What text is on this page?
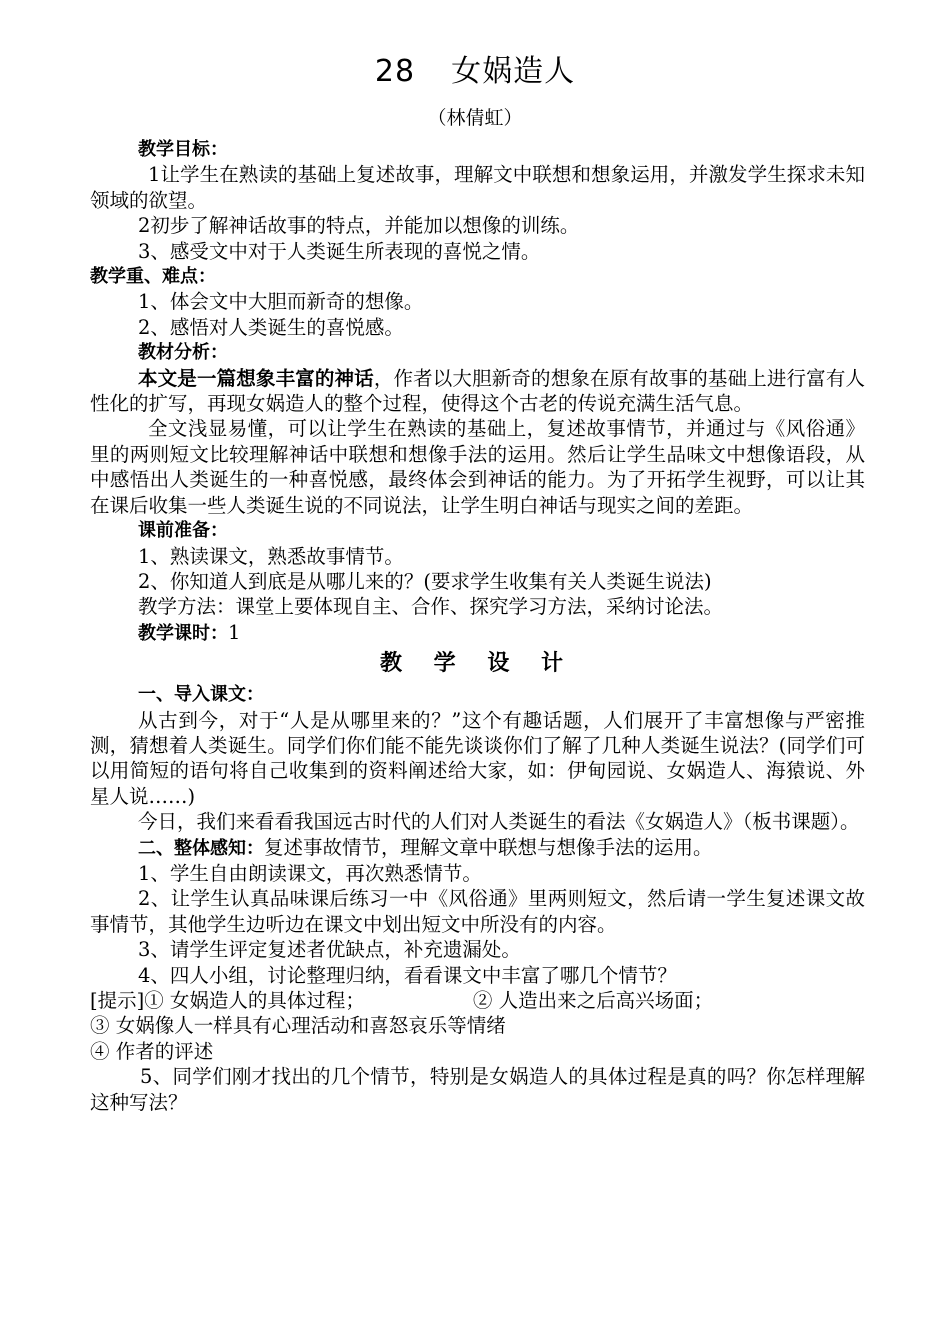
28 女娲造人
（林倩虹）

教学目标：

1让学生在熟读的基础上复述故事，理解文中联想和想象运用，并激发学生探求未知领域的欲望。

2初步了解神话故事的特点，并能加以想像的训练。

3、感受文中对于人类诞生所表现的喜悦之情。

教学重、难点：

1、体会文中大胆而新奇的想像。

2、感悟对人类诞生的喜悦感。

教材分析：

本文是一篇想象丰富的神话，作者以大胆新奇的想象在原有故事的基础上进行富有人性化的扩写，再现女娲造人的整个过程，使得这个古老的传说充满生活气息。

全文浅显易懂，可以让学生在熟读的基础上，复述故事情节，并通过与《风俗通》里的两则短文比较理解神话中联想和想像手法的运用。然后让学生品味文中想像语段，从中感悟出人类诞生的一种喜悦感，最终体会到神话的能力。为了开拓学生视野，可以让其在课后收集一些人类诞生说的不同说法，让学生明白神话与现实之间的差距。

课前准备：

1、熟读课文，熟悉故事情节。

2、你知道人到底是从哪儿来的？(要求学生收集有关人类诞生说法)

教学方法：课堂上要体现自主、合作、探究学习方法，采纳讨论法。

教学课时：1

教 学 设 计

一、导入课文：

从古到今，对于“人是从哪里来的？”这个有趣话题，人们展开了丰富想像与严密推测，猜想着人类诞生。同学们你们能不能先谈谈你们了解了几种人类诞生说法？(同学们可以用简短的语句将自己收集到的资料阐述给大家，如：伊甸园说、女娲造人、海猿说、外星人说……)

今日，我们来看看我国远古时代的人们对人类诞生的看法《女娲造人》（板书课题）。

二、整体感知：复述事故情节，理解文章中联想与想像手法的运用。

1、学生自由朗读课文，再次熟悉情节。

2、让学生认真品味课后练习一中《风俗通》里两则短文，然后请一学生复述课文故事情节，其他学生边听边在课文中划出短文中所没有的内容。

3、请学生评定复述者优缺点，补充遗漏处。

4、四人小组，讨论整理归纳，看看课文中丰富了哪几个情节？

[提示]① 女娲造人的具体过程；	② 人造出来之后高兴场面；

③ 女娲像人一样具有心理活动和喜怒哀乐等情绪

④ 作者的评述

5、同学们刚才找出的几个情节，特别是女娲造人的具体过程是真的吗？你怎样理解这种写法？
